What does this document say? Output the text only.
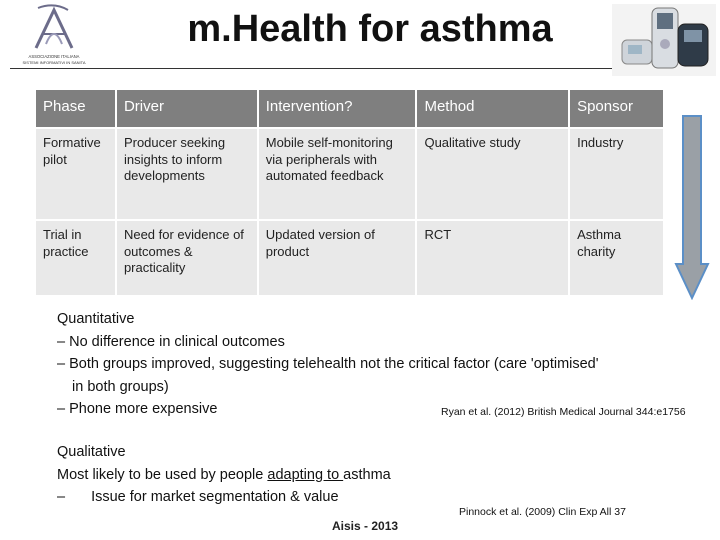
ASSOCIAZIONE ITALIANA
SISTEMI INFORMATIVI IN SANITA
m.Health for asthma
Phase	Driver	Intervention?	Method	Sponsor
Formative pilot	Producer seeking insights to inform developments	Mobile self-monitoring via peripherals with automated feedback	Qualitative study	Industry
Trial in practice	Need for evidence of outcomes & practicality	Updated version of product	RCT	Asthma charity
Quantitative
– No difference in clinical outcomes
– Both groups improved, suggesting telehealth not the critical factor (care 'optimised'
in both groups)
– Phone more expensive	Ryan et al. (2012) British Medical Journal 344:e1756
Qualitative
Most likely to be used by people adapting to asthma
– Issue for market segmentation & value
Pinnock et al. (2009) Clin Exp All 37
Aisis - 2013
